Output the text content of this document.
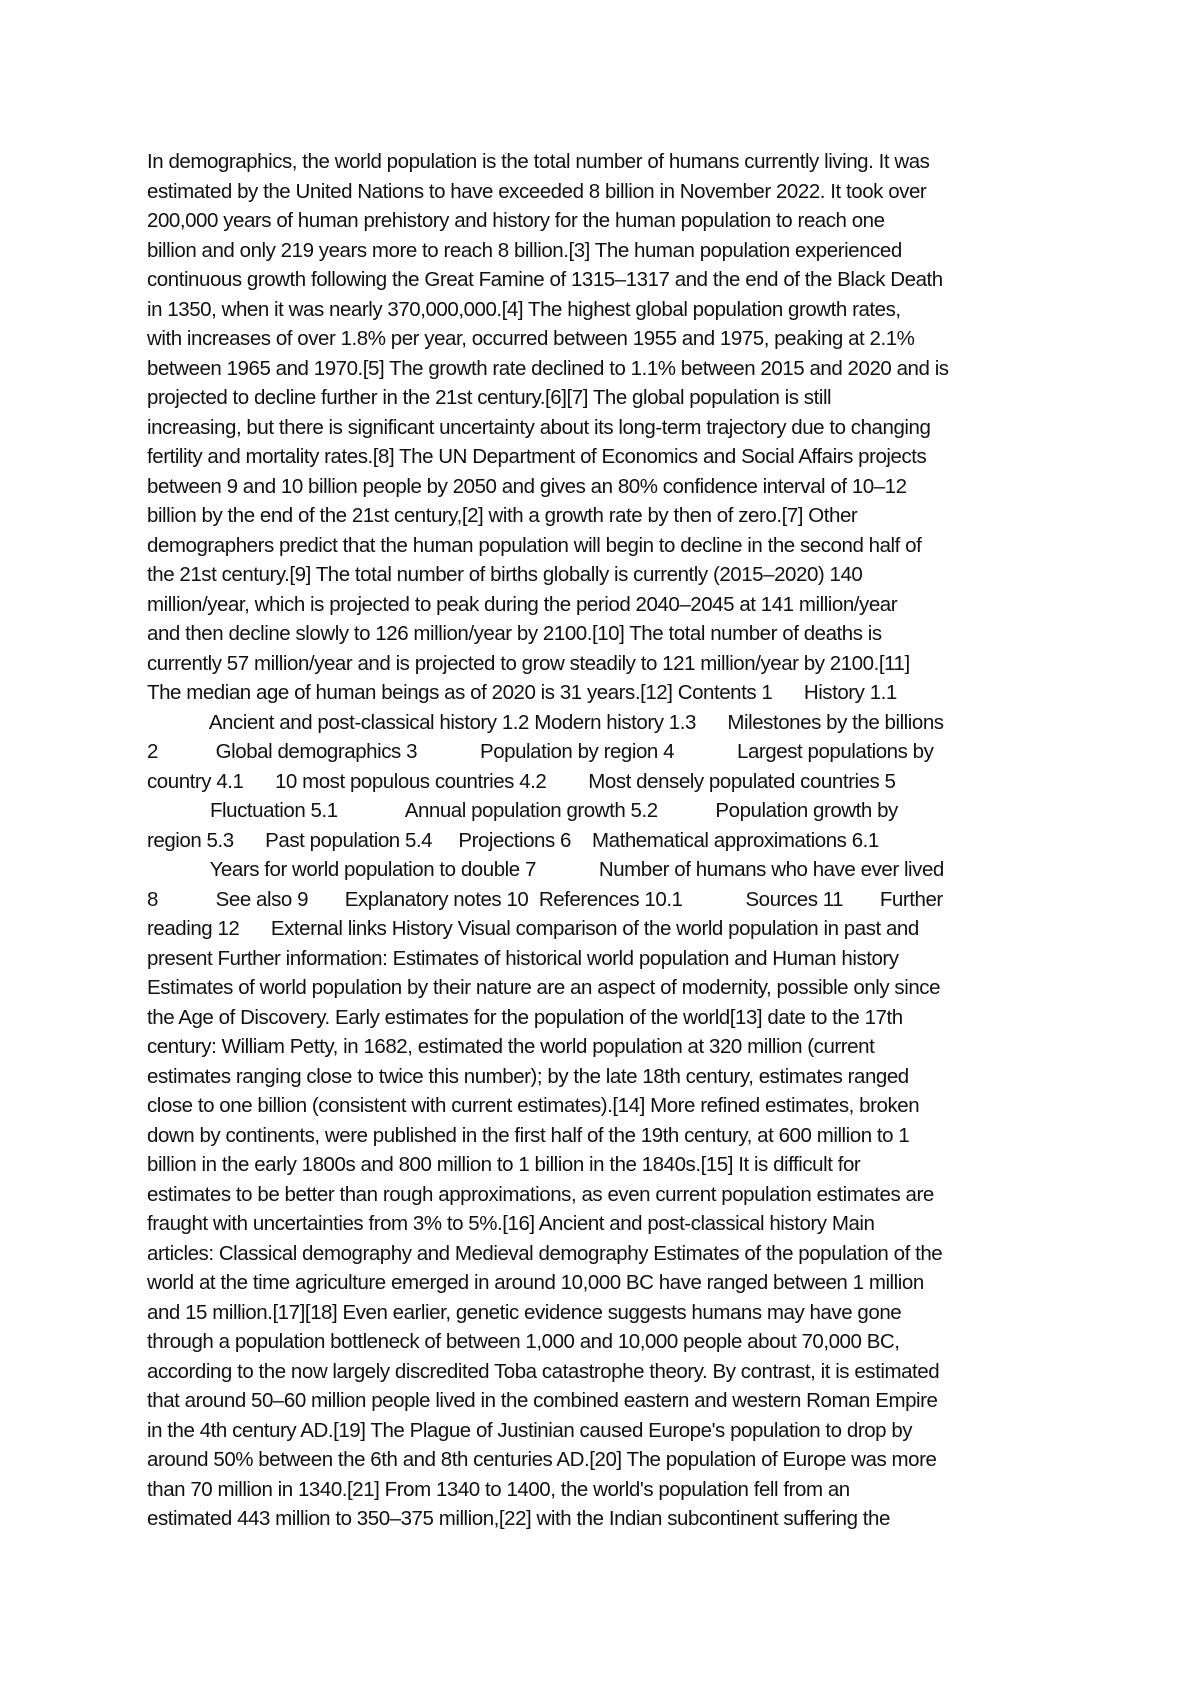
In demographics, the world population is the total number of humans currently living. It was
estimated by the United Nations to have exceeded 8 billion in November 2022. It took over
200,000 years of human prehistory and history for the human population to reach one
billion and only 219 years more to reach 8 billion.[3] The human population experienced
continuous growth following the Great Famine of 1315–1317 and the end of the Black Death
in 1350, when it was nearly 370,000,000.[4] The highest global population growth rates,
with increases of over 1.8% per year, occurred between 1955 and 1975, peaking at 2.1%
between 1965 and 1970.[5] The growth rate declined to 1.1% between 2015 and 2020 and is
projected to decline further in the 21st century.[6][7] The global population is still
increasing, but there is significant uncertainty about its long-term trajectory due to changing
fertility and mortality rates.[8] The UN Department of Economics and Social Affairs projects
between 9 and 10 billion people by 2050 and gives an 80% confidence interval of 10–12
billion by the end of the 21st century,[2] with a growth rate by then of zero.[7] Other
demographers predict that the human population will begin to decline in the second half of
the 21st century.[9] The total number of births globally is currently (2015–2020) 140
million/year, which is projected to peak during the period 2040–2045 at 141 million/year
and then decline slowly to 126 million/year by 2100.[10] The total number of deaths is
currently 57 million/year and is projected to grow steadily to 121 million/year by 2100.[11]
The median age of human beings as of 2020 is 31 years.[12] Contents 1      History 1.1
Ancient and post-classical history 1.2 Modern history 1.3      Milestones by the billions
2           Global demographics 3            Population by region 4            Largest populations by
country 4.1      10 most populous countries 4.2        Most densely populated countries 5
Fluctuation 5.1             Annual population growth 5.2           Population growth by
region 5.3      Past population 5.4     Projections 6    Mathematical approximations 6.1
Years for world population to double 7            Number of humans who have ever lived
8           See also 9       Explanatory notes 10  References 10.1            Sources 11       Further
reading 12      External links History Visual comparison of the world population in past and
present Further information: Estimates of historical world population and Human history
Estimates of world population by their nature are an aspect of modernity, possible only since
the Age of Discovery. Early estimates for the population of the world[13] date to the 17th
century: William Petty, in 1682, estimated the world population at 320 million (current
estimates ranging close to twice this number); by the late 18th century, estimates ranged
close to one billion (consistent with current estimates).[14] More refined estimates, broken
down by continents, were published in the first half of the 19th century, at 600 million to 1
billion in the early 1800s and 800 million to 1 billion in the 1840s.[15] It is difficult for
estimates to be better than rough approximations, as even current population estimates are
fraught with uncertainties from 3% to 5%.[16] Ancient and post-classical history Main
articles: Classical demography and Medieval demography Estimates of the population of the
world at the time agriculture emerged in around 10,000 BC have ranged between 1 million
and 15 million.[17][18] Even earlier, genetic evidence suggests humans may have gone
through a population bottleneck of between 1,000 and 10,000 people about 70,000 BC,
according to the now largely discredited Toba catastrophe theory. By contrast, it is estimated
that around 50–60 million people lived in the combined eastern and western Roman Empire
in the 4th century AD.[19] The Plague of Justinian caused Europe's population to drop by
around 50% between the 6th and 8th centuries AD.[20] The population of Europe was more
than 70 million in 1340.[21] From 1340 to 1400, the world's population fell from an
estimated 443 million to 350–375 million,[22] with the Indian subcontinent suffering the
